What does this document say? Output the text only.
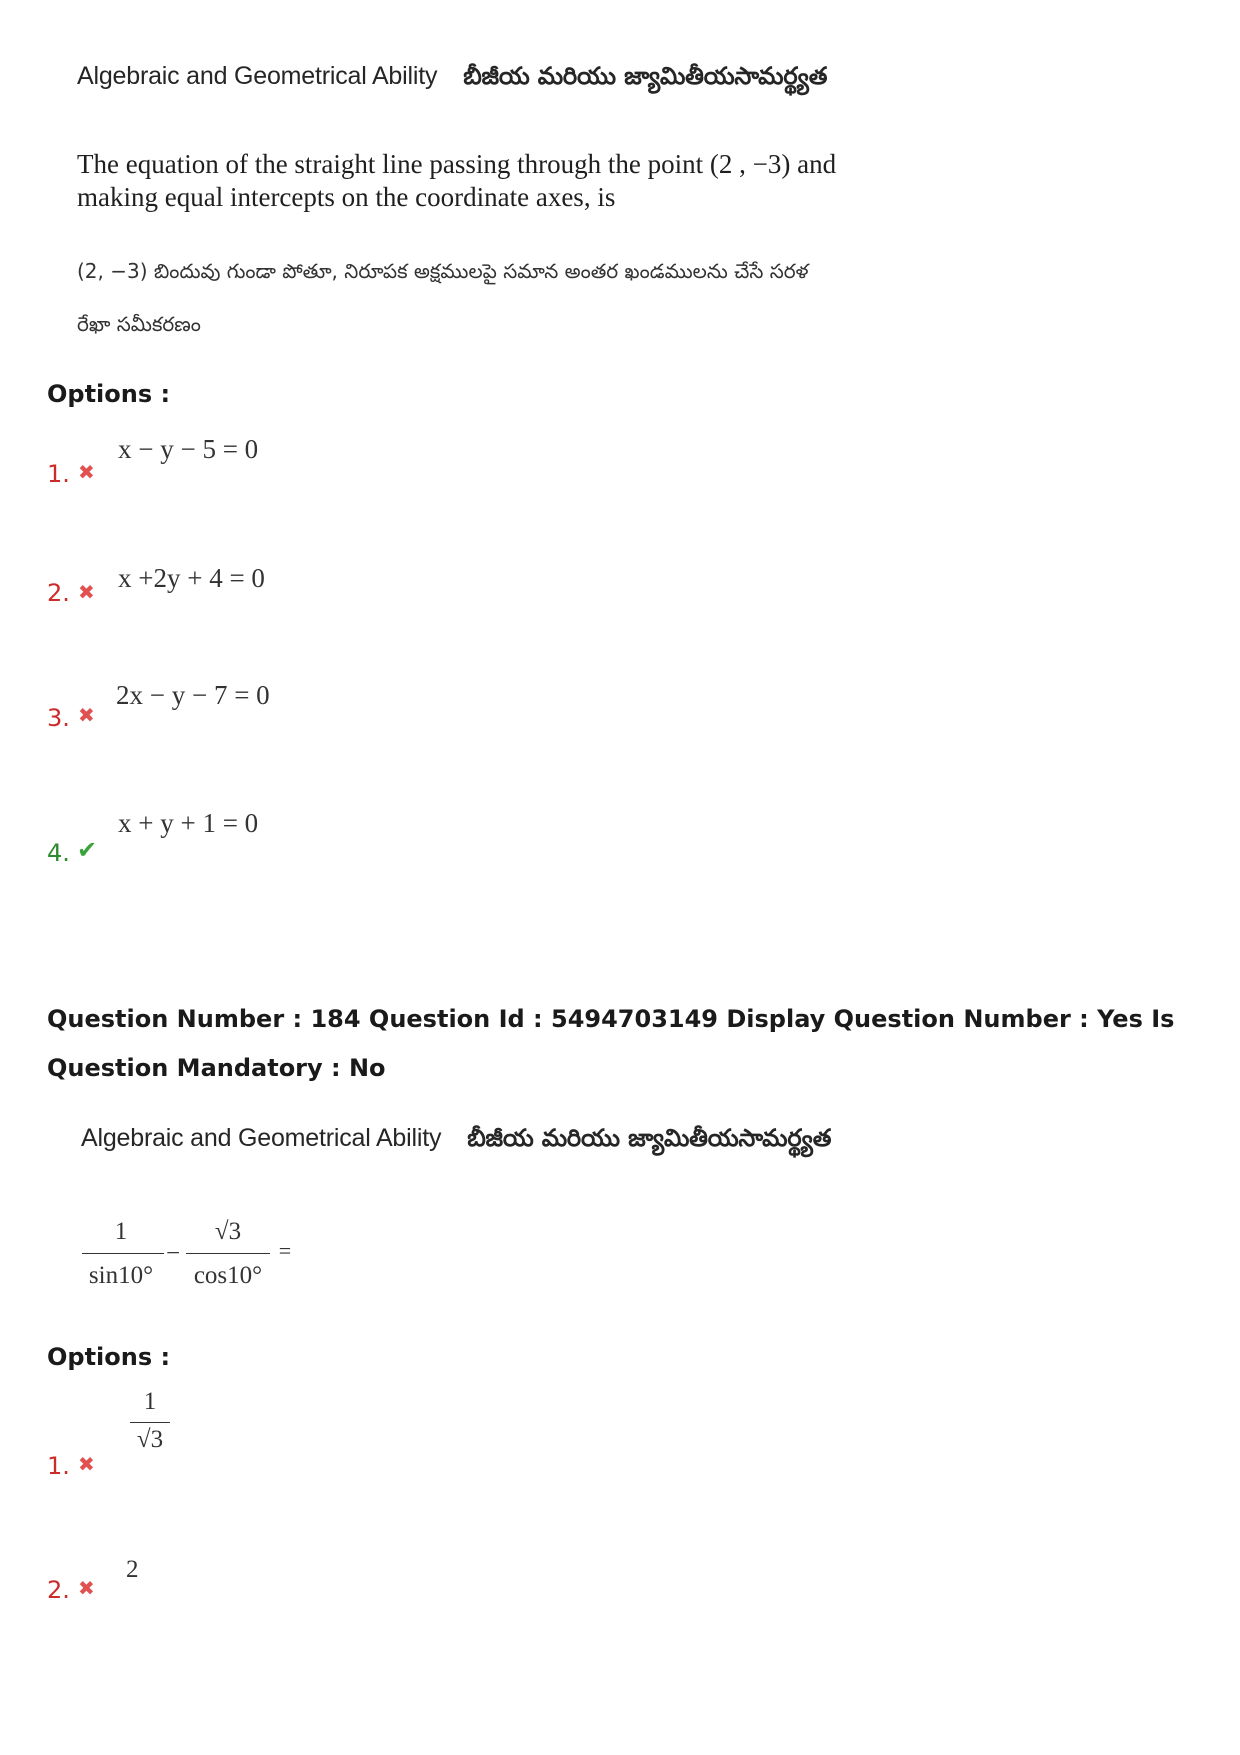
Algebraic and Geometrical Ability బీజీయ మరియు జ్యామితీయసామర్థ్యత
The equation of the straight line passing through the point (2 , −3) and making equal intercepts on the coordinate axes, is
(2, −3) బిందువు గుండా పోతూ, నిరూపక అక్షములపై సమాన అంతర ఖండములను చేసే సరళ
రేఖా సమీకరణం
Options :
1. ✖
x − y − 5 = 0
2. ✖ x +2y + 4 = 0
3. ✖
2x − y − 7 = 0
4. ✔
x + y + 1 = 0
Question Number : 184 Question Id : 5494703149 Display Question Number : Yes Is Question Mandatory : No
Algebraic and Geometrical Ability బీజీయ మరియు జ్యామితీయసామర్థ్యత
1
sin10°
−
√3
cos10°
=
Options :
1. ✖
1
√3
2. ✖
2
